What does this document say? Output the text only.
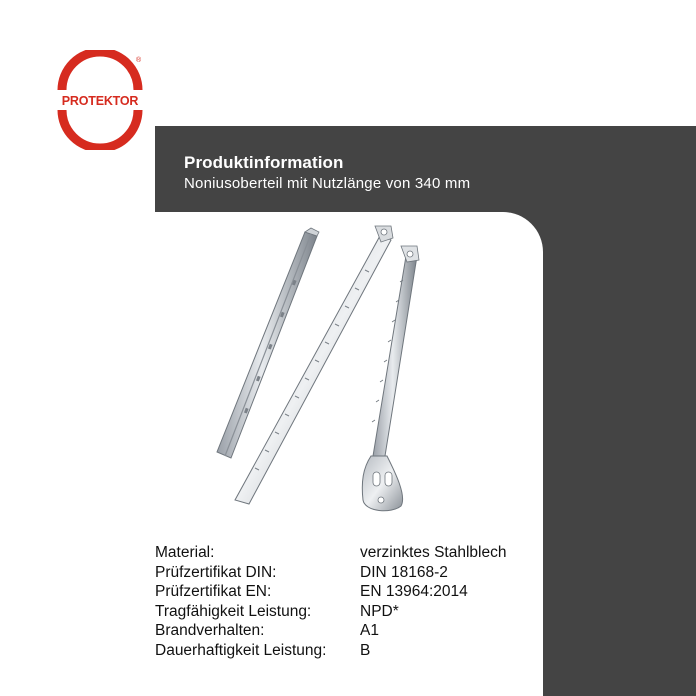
PROTEKTOR
®
Produktinformation
Noniusoberteil mit Nutzlänge von 340 mm
Material:	verzinktes Stahlblech
Prüfzertifikat DIN:	DIN 18168-2
Prüfzertifikat EN:	EN 13964:2014
Tragfähigkeit Leistung:	NPD*
Brandverhalten:	A1
Dauerhaftigkeit Leistung:	B
